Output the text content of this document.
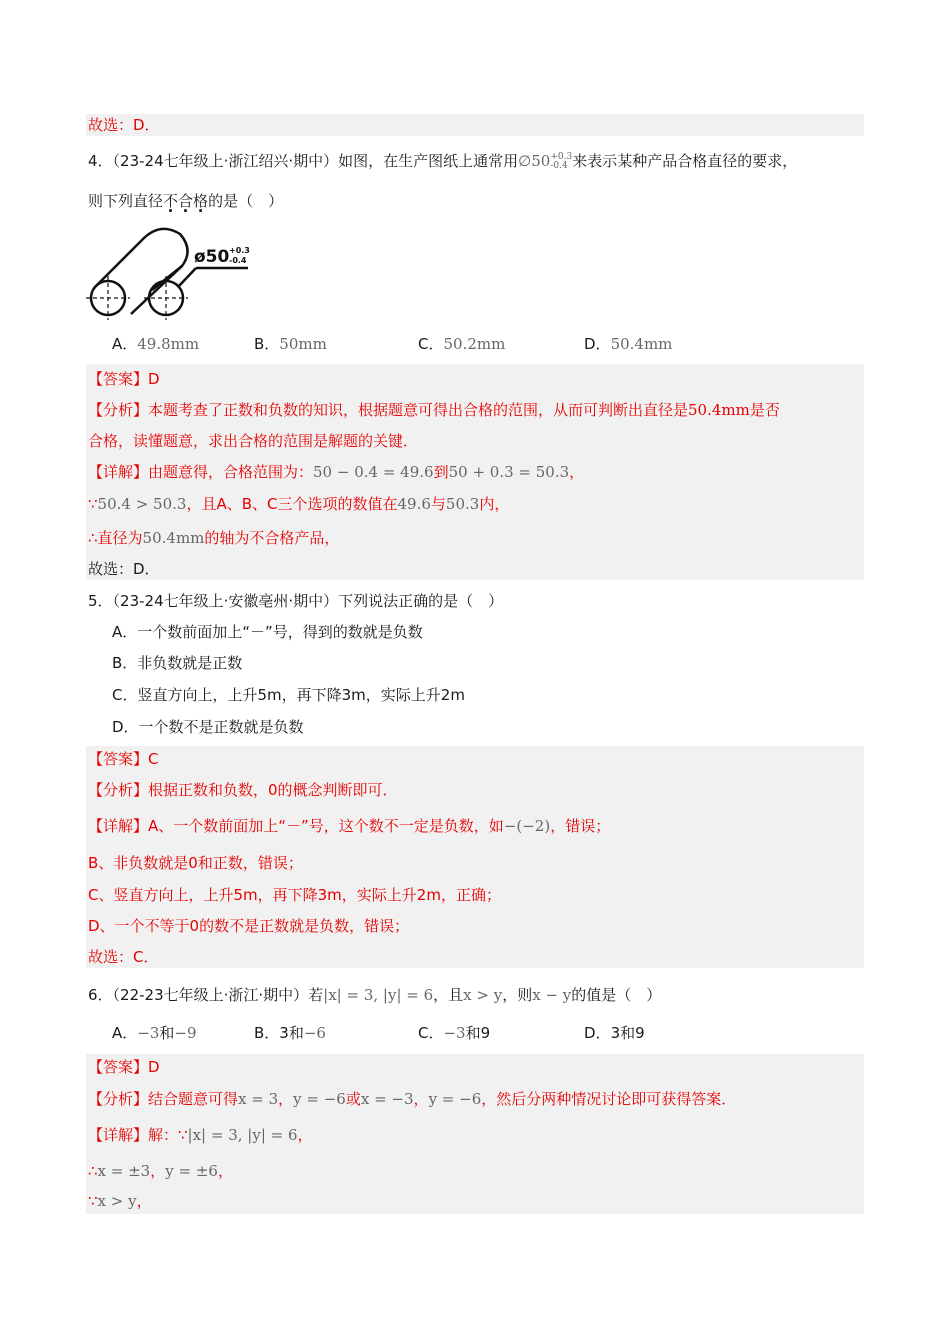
故选：D．
4．（23-24七年级上·浙江绍兴·期中）如图，在生产图纸上通常用∅50+0.3
-0.4 来表示某种产品合格直径的要求，
则下列直径不合格的是（　）
ø50 +0.3
-0.4
A．49.8mm	B．50mm	C．50.2mm	D．50.4mm
【答案】D
【分析】本题考查了正数和负数的知识，根据题意可得出合格的范围，从而可判断出直径是50.4mm是否
合格，读懂题意，求出合格的范围是解题的关键．
【详解】由题意得，合格范围为：50 − 0.4 = 49.6到50 + 0.3 = 50.3，
∵50.4 > 50.3，且A、B、C三个选项的数值在49.6与50.3内，
∴直径为50.4mm的轴为不合格产品，
故选：D．
5．（23-24七年级上·安徽亳州·期中）下列说法正确的是（　）
A．一个数前面加上“－”号，得到的数就是负数
B．非负数就是正数
C．竖直方向上，上升5m，再下降3m，实际上升2m
D．一个数不是正数就是负数
【答案】C
【分析】根据正数和负数，0的概念判断即可．
【详解】A、一个数前面加上“－”号，这个数不一定是负数，如−(−2)，错误；
B、非负数就是0和正数，错误；
C、竖直方向上，上升5m，再下降3m，实际上升2m，正确；
D、一个不等于0的数不是正数就是负数，错误；
故选：C．
6．（22-23七年级上·浙江·期中）若|x| = 3, |y| = 6，且x > y，则x − y的值是（　）
A．−3和−9	B．3和−6	C．−3和9	D．3和9
【答案】D
【分析】结合题意可得x = 3，y = −6或x = −3，y = −6，然后分两种情况讨论即可获得答案．
【详解】解：∵|x| = 3, |y| = 6，
∴x = ±3，y = ±6，
∵x > y，
